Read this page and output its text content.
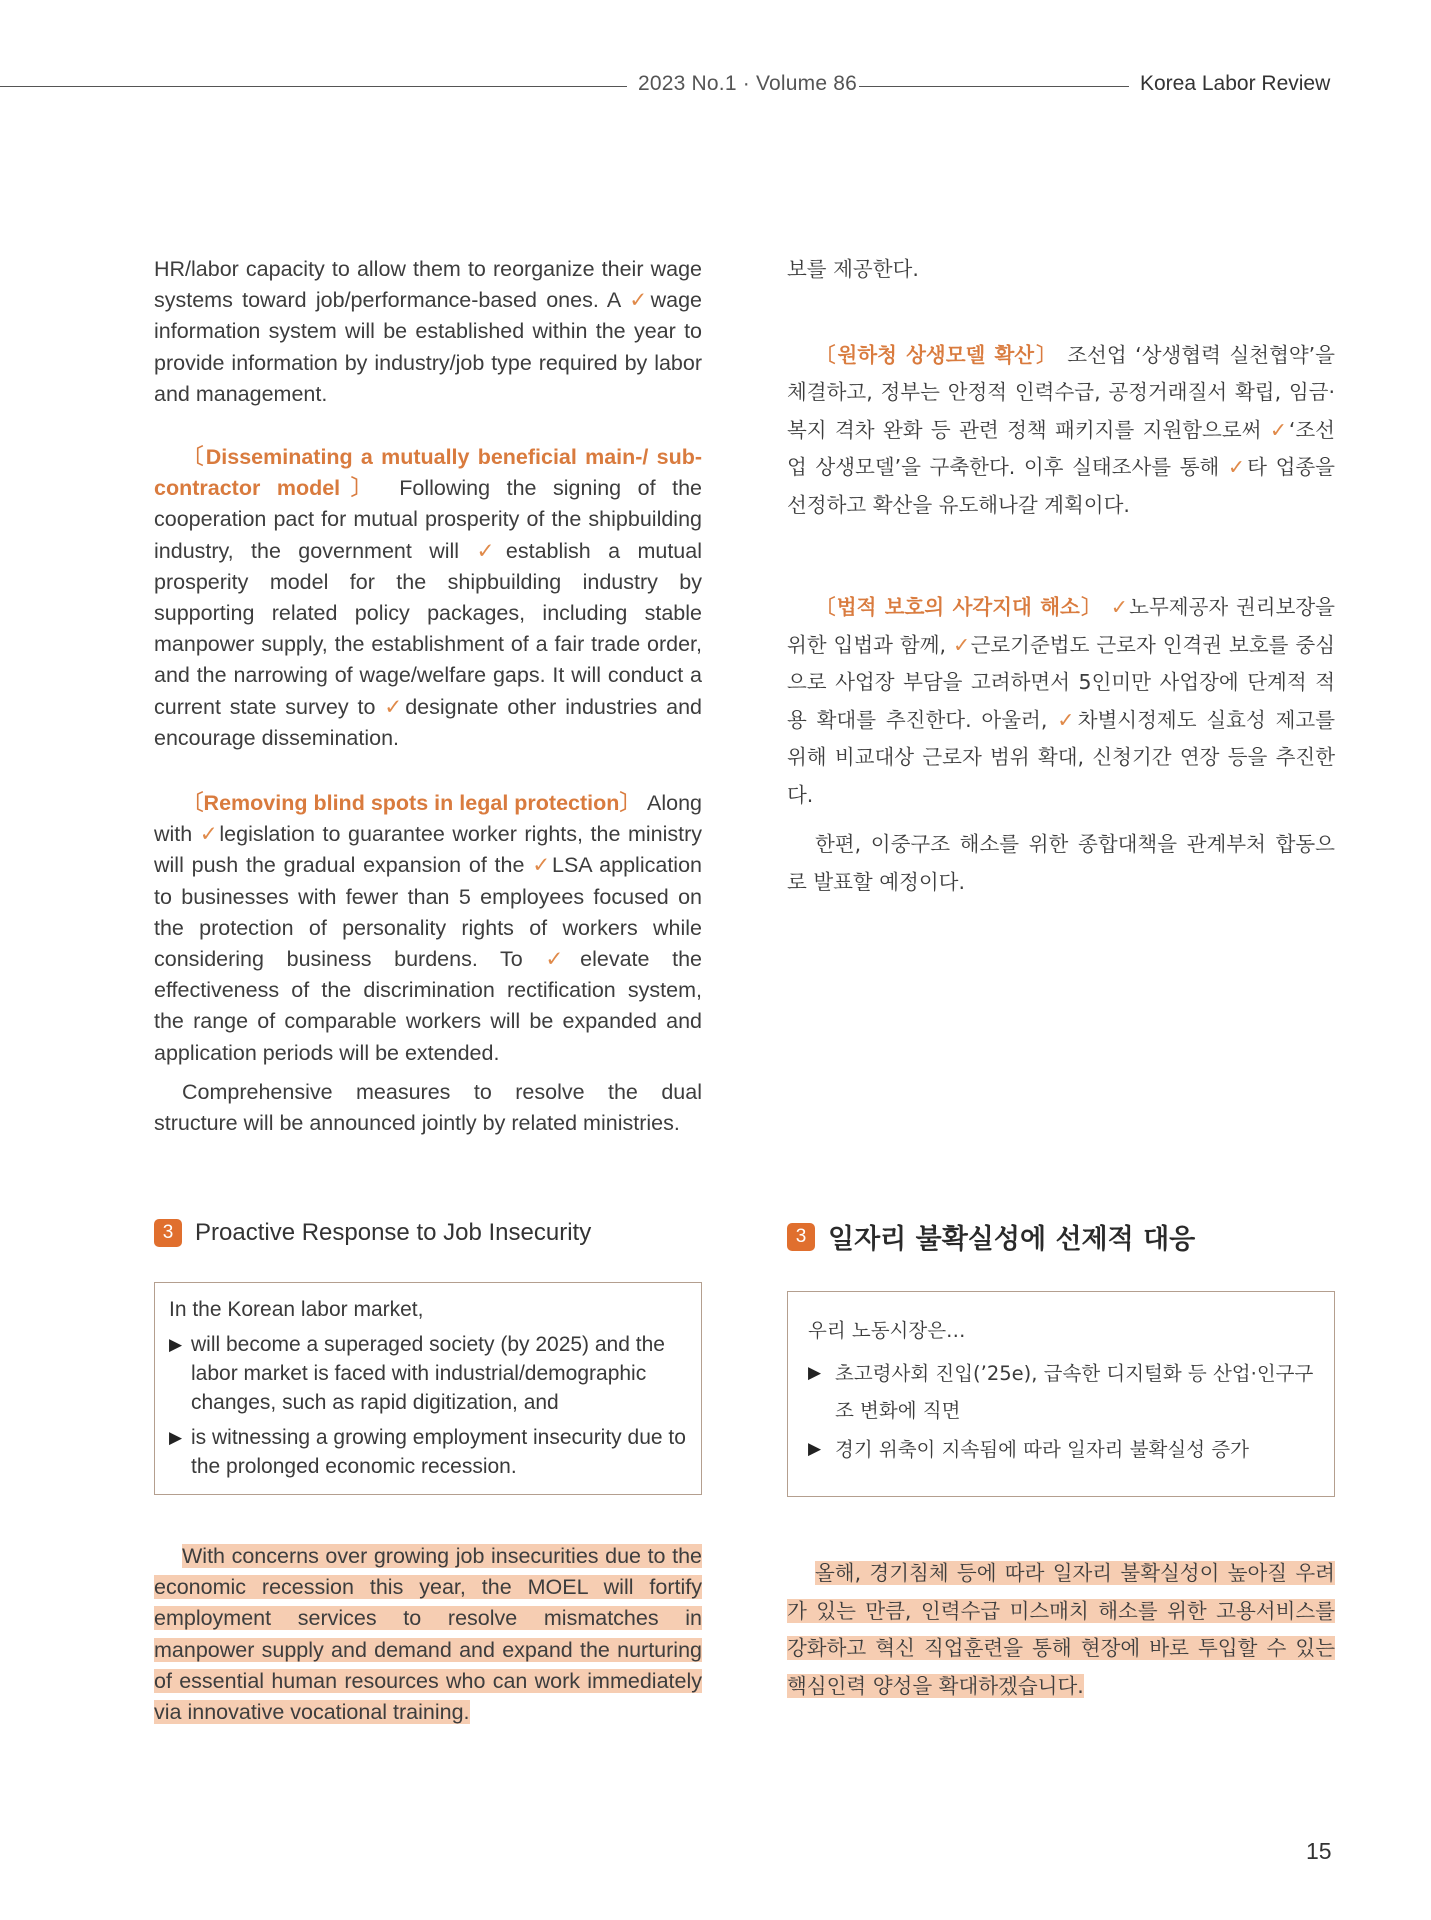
2023 No.1 · Volume 86	Korea Labor Review

HR/labor capacity to allow them to reorganize their wage systems toward job/performance-based ones. A ✓wage information system will be established within the year to provide information by industry/job type required by labor and management.

〔Disseminating a mutually beneficial main-/ sub-contractor model〕 Following the signing of the cooperation pact for mutual prosperity of the shipbuilding industry, the government will ✓establish a mutual prosperity model for the shipbuilding industry by supporting related policy packages, including stable manpower supply, the establishment of a fair trade order, and the narrowing of wage/welfare gaps. It will conduct a current state survey to ✓designate other industries and encourage dissemination.

〔Removing blind spots in legal protection〕 Along with ✓legislation to guarantee worker rights, the ministry will push the gradual expansion of the ✓LSA application to businesses with fewer than 5 employees focused on the protection of personality rights of workers while considering business burdens. To ✓elevate the effectiveness of the discrimination rectification system, the range of comparable workers will be expanded and application periods will be extended.

Comprehensive measures to resolve the dual structure will be announced jointly by related ministries.

3 Proactive Response to Job Insecurity
In the Korean labor market,
▶ will become a superaged society (by 2025) and the labor market is faced with industrial/demographic changes, such as rapid digitization, and
▶ is witnessing a growing employment insecurity due to the prolonged economic recession.

With concerns over growing job insecurities due to the economic recession this year, the MOEL will fortify employment services to resolve mismatches in manpower supply and demand and expand the nurturing of essential human resources who can work immediately via innovative vocational training.

보를 제공한다.

〔원하청 상생모델 확산〕 조선업 ‘상생협력 실천협약’을 체결하고, 정부는 안정적 인력수급, 공정거래질서 확립, 임금·복지 격차 완화 등 관련 정책 패키지를 지원함으로써 ✓‘조선업 상생모델’을 구축한다. 이후 실태조사를 통해 ✓타 업종을 선정하고 확산을 유도해나갈 계획이다.

〔법적 보호의 사각지대 해소〕 ✓노무제공자 권리보장을 위한 입법과 함께, ✓근로기준법도 근로자 인격권 보호를 중심으로 사업장 부담을 고려하면서 5인미만 사업장에 단계적 적용 확대를 추진한다. 아울러, ✓차별시정제도 실효성 제고를 위해 비교대상 근로자 범위 확대, 신청기간 연장 등을 추진한다.

한편, 이중구조 해소를 위한 종합대책을 관계부처 합동으로 발표할 예정이다.

3 일자리 불확실성에 선제적 대응
우리 노동시장은…
▶ 초고령사회 진입(’25e), 급속한 디지털화 등 산업·인구구조 변화에 직면
▶ 경기 위축이 지속됨에 따라 일자리 불확실성 증가

올해, 경기침체 등에 따라 일자리 불확실성이 높아질 우려가 있는 만큼, 인력수급 미스매치 해소를 위한 고용서비스를 강화하고 혁신 직업훈련을 통해 현장에 바로 투입할 수 있는 핵심인력 양성을 확대하겠습니다.

15
